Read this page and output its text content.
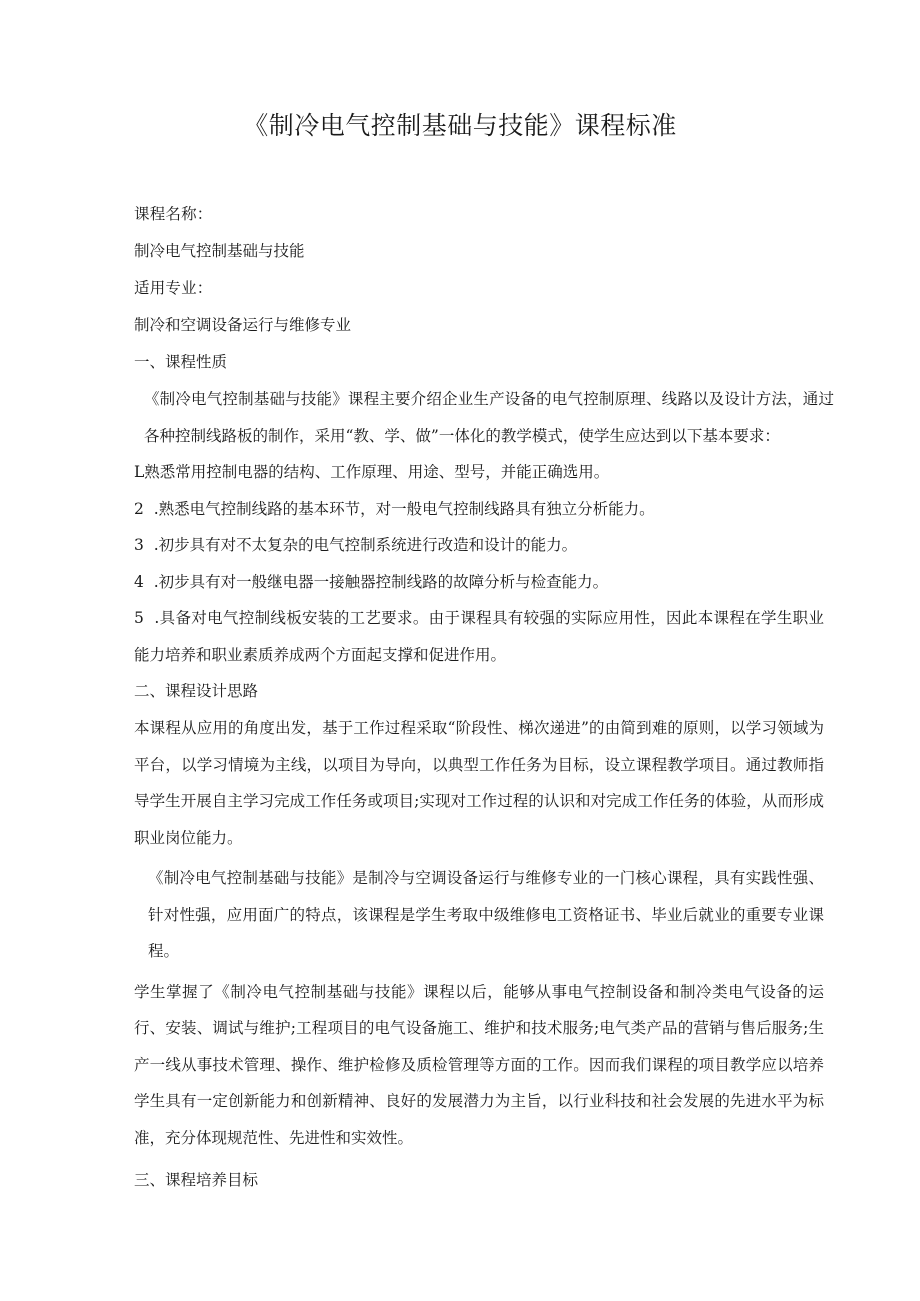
《制冷电气控制基础与技能》课程标准
课程名称：
制冷电气控制基础与技能
适用专业：
制冷和空调设备运行与维修专业
一、课程性质
《制冷电气控制基础与技能》课程主要介绍企业生产设备的电气控制原理、线路以及设计方法，通过各种控制线路板的制作，采用“教、学、做”一体化的教学模式，使学生应达到以下基本要求：
L熟悉常用控制电器的结构、工作原理、用途、型号，并能正确选用。
2  .熟悉电气控制线路的基本环节，对一般电气控制线路具有独立分析能力。
3  .初步具有对不太复杂的电气控制系统进行改造和设计的能力。
4  .初步具有对一般继电器一接触器控制线路的故障分析与检查能力。
5  .具备对电气控制线板安装的工艺要求。由于课程具有较强的实际应用性，因此本课程在学生职业能力培养和职业素质养成两个方面起支撑和促进作用。
二、课程设计思路
本课程从应用的角度出发，基于工作过程采取“阶段性、梯次递进”的由简到难的原则，以学习领域为平台，以学习情境为主线，以项目为导向，以典型工作任务为目标，设立课程教学项目。通过教师指导学生开展自主学习完成工作任务或项目;实现对工作过程的认识和对完成工作任务的体验，从而形成职业岗位能力。
《制冷电气控制基础与技能》是制冷与空调设备运行与维修专业的一门核心课程，具有实践性强、针对性强，应用面广的特点，该课程是学生考取中级维修电工资格证书、毕业后就业的重要专业课程。
学生掌握了《制冷电气控制基础与技能》课程以后，能够从事电气控制设备和制冷类电气设备的运行、安装、调试与维护;工程项目的电气设备施工、维护和技术服务;电气类产品的营销与售后服务;生产一线从事技术管理、操作、维护检修及质检管理等方面的工作。因而我们课程的项目教学应以培养学生具有一定创新能力和创新精神、良好的发展潜力为主旨，以行业科技和社会发展的先进水平为标准，充分体现规范性、先进性和实效性。
三、课程培养目标
